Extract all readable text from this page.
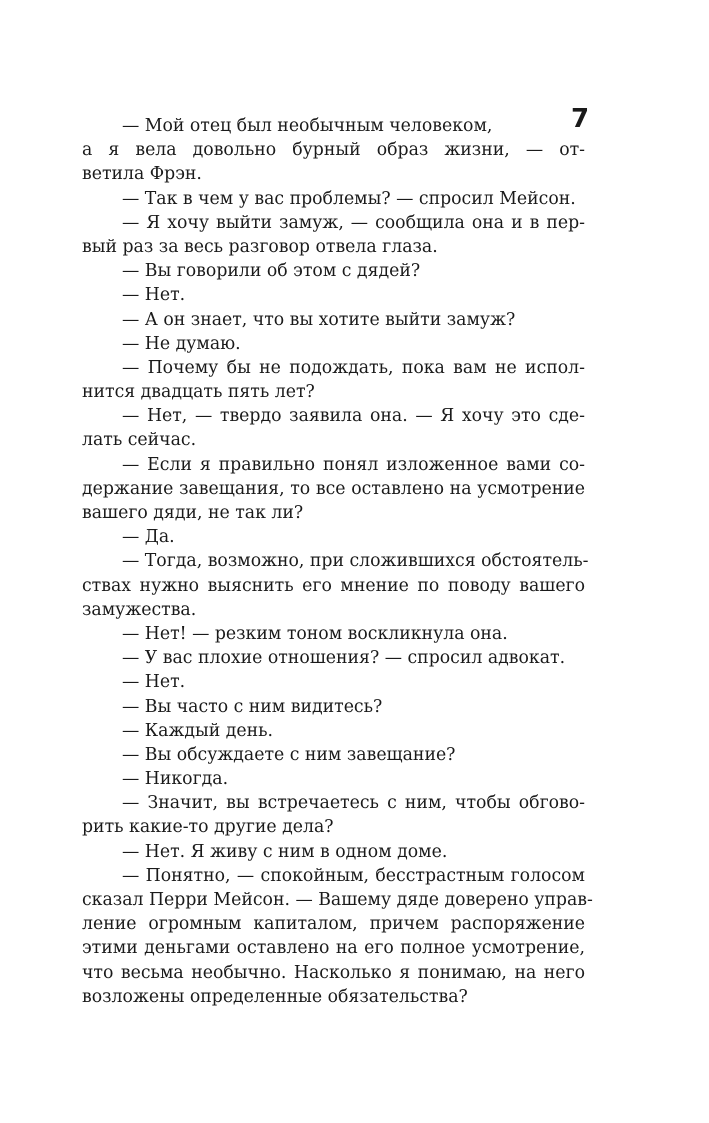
7
— Мой отец был необычным человеком,
а я вела довольно бурный образ жизни, — от-
ветила Фрэн.
— Так в чем у вас проблемы? — спросил Мейсон.
— Я хочу выйти замуж, — сообщила она и в пер-
вый раз за весь разговор отвела глаза.
— Вы говорили об этом с дядей?
— Нет.
— А он знает, что вы хотите выйти замуж?
— Не думаю.
— Почему бы не подождать, пока вам не испол-
нится двадцать пять лет?
— Нет, — твердо заявила она. — Я хочу это сде-
лать сейчас.
— Если я правильно понял изложенное вами со-
держание завещания, то все оставлено на усмотрение
вашего дяди, не так ли?
— Да.
— Тогда, возможно, при сложившихся обстоятель-
ствах нужно выяснить его мнение по поводу вашего
замужества.
— Нет! — резким тоном воскликнула она.
— У вас плохие отношения? — спросил адвокат.
— Нет.
— Вы часто с ним видитесь?
— Каждый день.
— Вы обсуждаете с ним завещание?
— Никогда.
— Значит, вы встречаетесь с ним, чтобы обгово-
рить какие-то другие дела?
— Нет. Я живу с ним в одном доме.
— Понятно, — спокойным, бесстрастным голосом
сказал Перри Мейсон. — Вашему дяде доверено управ-
ление огромным капиталом, причем распоряжение
этими деньгами оставлено на его полное усмотрение,
что весьма необычно. Насколько я понимаю, на него
возложены определенные обязательства?
